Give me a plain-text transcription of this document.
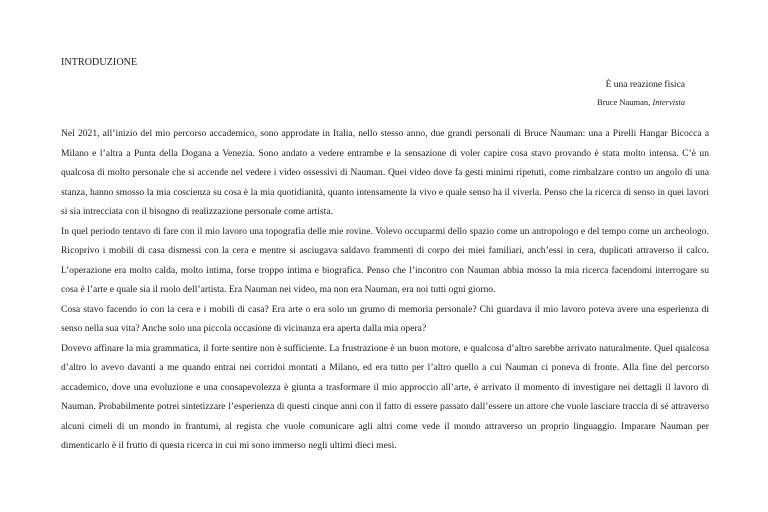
INTRODUZIONE
È una reazione fisica
Bruce Nauman, Intervista

Nel 2021, all’inizio del mio percorso accademico, sono approdate in Italia, nello stesso anno, due grandi personali di Bruce Nauman: una a Pirelli Hangar Bicocca a Milano e l’altra a Punta della Dogana a Venezia. Sono andato a vedere entrambe e la sensazione di voler capire cosa stavo provando è stata molto intensa. C’è un qualcosa di molto personale che si accende nel vedere i video ossessivi di Nauman. Quei video dove fa gesti minimi ripetuti, come rimbalzare contro un angolo di una stanza, hanno smosso la mia coscienza su cosa è la mia quotidianità, quanto intensamente la vivo e quale senso ha il viverla. Penso che la ricerca di senso in quei lavori si sia intrecciata con il bisogno di realizzazione personale come artista.

In quel periodo tentavo di fare con il mio lavoro una topografia delle mie rovine. Volevo occuparmi dello spazio come un antropologo e del tempo come un archeologo. Ricoprivo i mobili di casa dismessi con la cera e mentre si asciugava saldavo frammenti di corpo dei miei familiari, anch’essi in cera, duplicati attraverso il calco. L’operazione era molto calda, molto intima, forse troppo intima e biografica. Penso che l’incontro con Nauman abbia mosso la mia ricerca facendomi interrogare su cosa è l’arte e quale sia il ruolo dell’artista. Era Nauman nei video, ma non era Nauman, era noi tutti ogni giorno.

Cosa stavo facendo io con la cera e i mobili di casa? Era arte o era solo un grumo di memoria personale? Chi guardava il mio lavoro poteva avere una esperienza di senso nella sua vita? Anche solo una piccola occasione di vicinanza era aperta dalla mia opera?

Dovevo affinare la mia grammatica, il forte sentire non è sufficiente. La frustrazione è un buon motore, e qualcosa d’altro sarebbe arrivato naturalmente. Quel qualcosa d’altro lo avevo davanti a me quando entrai nei corridoi montati a Milano, ed era tutto per l’altro quello a cui Nauman ci poneva di fronte. Alla fine del percorso accademico, dove una evoluzione e una consapevolezza è giunta a trasformare il mio approccio all’arte, è arrivato il momento di investigare nei dettagli il lavoro di Nauman. Probabilmente potrei sintetizzare l’esperienza di questi cinque anni con il fatto di essere passato dall’essere un attore che vuole lasciare traccia di sé attraverso alcuni cimeli di un mondo in frantumi, al regista che vuole comunicare agli altri come vede il mondo attraverso un proprio linguaggio. Imparare Nauman per dimenticarlo è il frutto di questa ricerca in cui mi sono immerso negli ultimi dieci mesi.
